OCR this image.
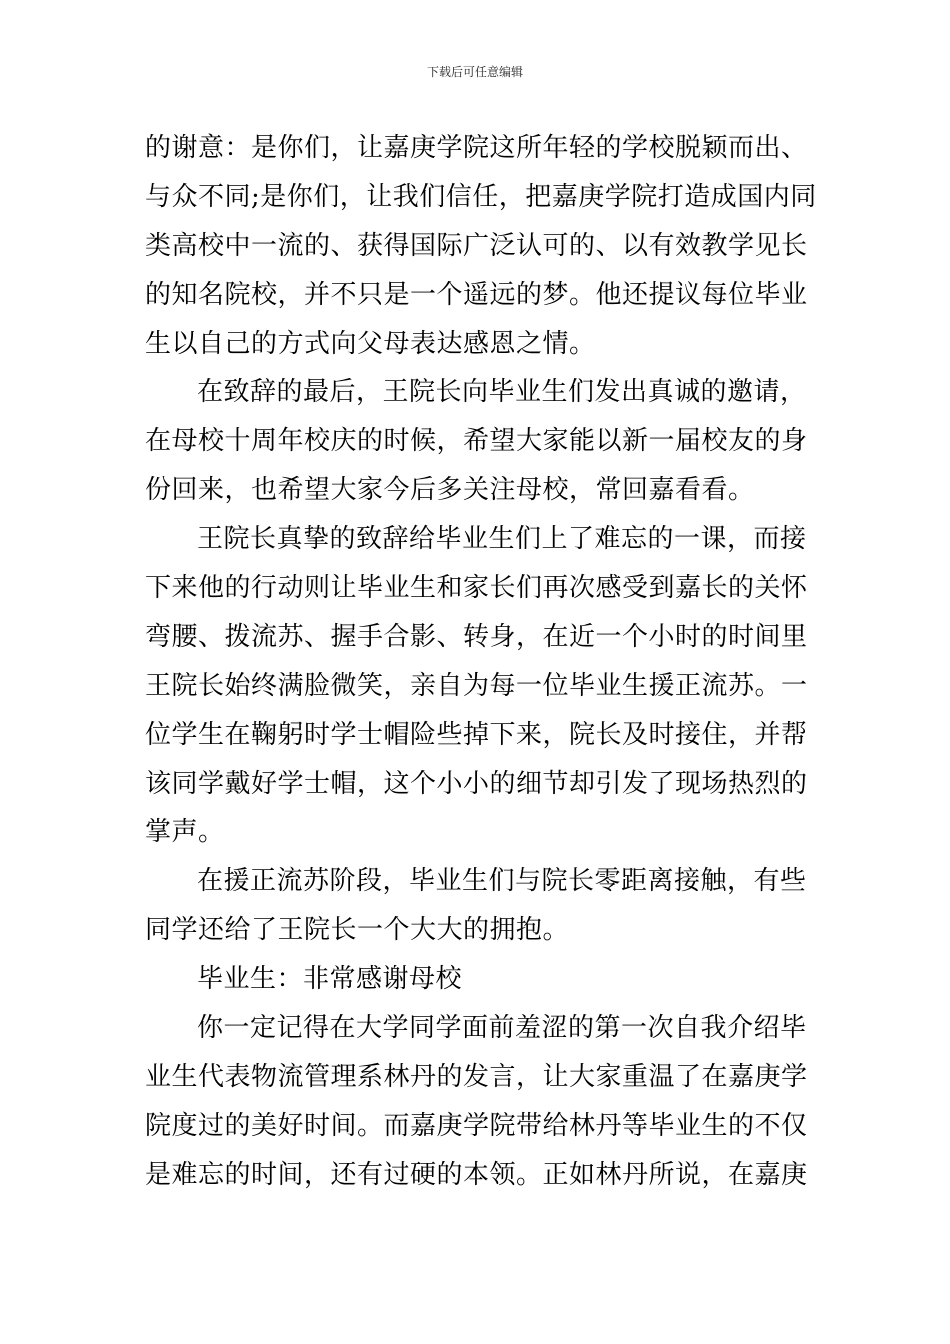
下载后可任意编辑
的谢意：是你们，让嘉庚学院这所年轻的学校脱颖而出、
与众不同;是你们，让我们信任，把嘉庚学院打造成国内同
类高校中一流的、获得国际广泛认可的、以有效教学见长
的知名院校，并不只是一个遥远的梦。他还提议每位毕业
生以自己的方式向父母表达感恩之情。
在致辞的最后，王院长向毕业生们发出真诚的邀请，
在母校十周年校庆的时候，希望大家能以新一届校友的身
份回来，也希望大家今后多关注母校，常回嘉看看。
王院长真挚的致辞给毕业生们上了难忘的一课，而接
下来他的行动则让毕业生和家长们再次感受到嘉长的关怀
弯腰、拨流苏、握手合影、转身，在近一个小时的时间里
王院长始终满脸微笑，亲自为每一位毕业生援正流苏。一
位学生在鞠躬时学士帽险些掉下来，院长及时接住，并帮
该同学戴好学士帽，这个小小的细节却引发了现场热烈的
掌声。
在援正流苏阶段，毕业生们与院长零距离接触，有些
同学还给了王院长一个大大的拥抱。
毕业生：非常感谢母校
你一定记得在大学同学面前羞涩的第一次自我介绍毕
业生代表物流管理系林丹的发言，让大家重温了在嘉庚学
院度过的美好时间。而嘉庚学院带给林丹等毕业生的不仅
是难忘的时间，还有过硬的本领。正如林丹所说，在嘉庚
